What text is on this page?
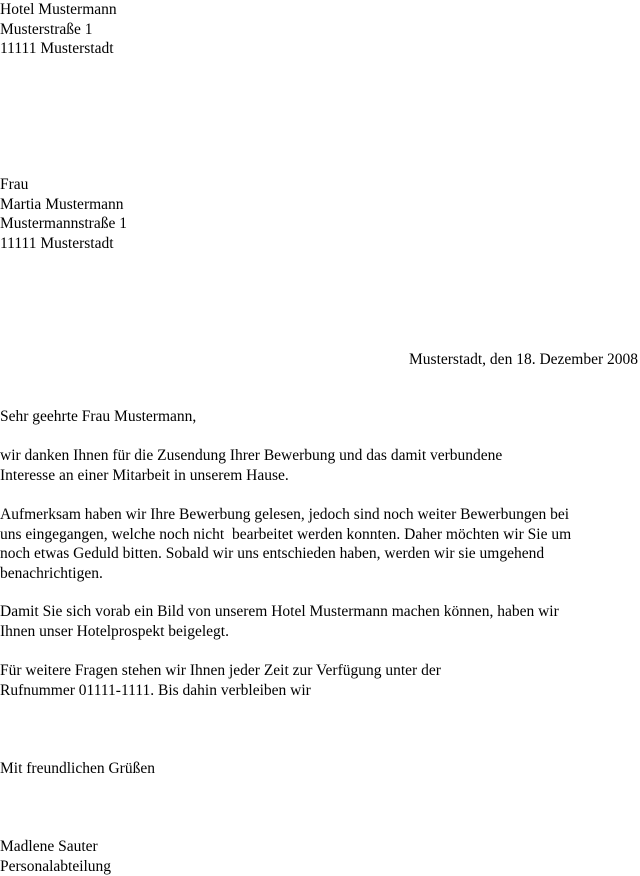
Hotel Mustermann
Musterstraße 1
11111 Musterstadt
Frau
Martia Mustermann
Mustermannstraße 1
11111 Musterstadt
Musterstadt, den 18. Dezember 2008
Sehr geehrte Frau Mustermann,
wir danken Ihnen für die Zusendung Ihrer Bewerbung und das damit verbundene
Interesse an einer Mitarbeit in unserem Hause.
Aufmerksam haben wir Ihre Bewerbung gelesen, jedoch sind noch weiter Bewerbungen bei
uns eingegangen, welche noch nicht  bearbeitet werden konnten. Daher möchten wir Sie um
noch etwas Geduld bitten. Sobald wir uns entschieden haben, werden wir sie umgehend
benachrichtigen.
Damit Sie sich vorab ein Bild von unserem Hotel Mustermann machen können, haben wir
Ihnen unser Hotelprospekt beigelegt.
Für weitere Fragen stehen wir Ihnen jeder Zeit zur Verfügung unter der
Rufnummer 01111-1111. Bis dahin verbleiben wir
Mit freundlichen Grüßen
Madlene Sauter
Personalabteilung
